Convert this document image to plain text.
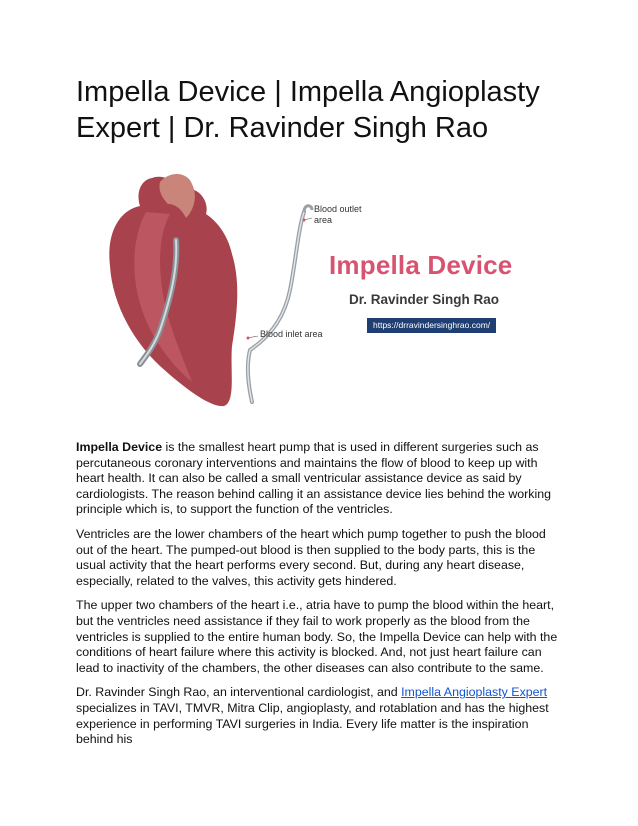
Impella Device | Impella Angioplasty Expert | Dr. Ravinder Singh Rao
Blood outlet
area
Blood inlet area
Impella Device
Dr. Ravinder Singh Rao
https://drravindersinghrao.com/

Impella Device is the smallest heart pump that is used in different surgeries such as percutaneous coronary interventions and maintains the flow of blood to keep up with heart health. It can also be called a small ventricular assistance device as said by cardiologists. The reason behind calling it an assistance device lies behind the working principle which is, to support the function of the ventricles.

Ventricles are the lower chambers of the heart which pump together to push the blood out of the heart. The pumped-out blood is then supplied to the body parts, this is the usual activity that the heart performs every second. But, during any heart disease, especially, related to the valves, this activity gets hindered.

The upper two chambers of the heart i.e., atria have to pump the blood within the heart, but the ventricles need assistance if they fail to work properly as the blood from the ventricles is supplied to the entire human body. So, the Impella Device can help with the conditions of heart failure where this activity is blocked. And, not just heart failure can lead to inactivity of the chambers, the other diseases can also contribute to the same.

Dr. Ravinder Singh Rao, an interventional cardiologist, and Impella Angioplasty Expert specializes in TAVI, TMVR, Mitra Clip, angioplasty, and rotablation and has the highest experience in performing TAVI surgeries in India. Every life matter is the inspiration behind his
